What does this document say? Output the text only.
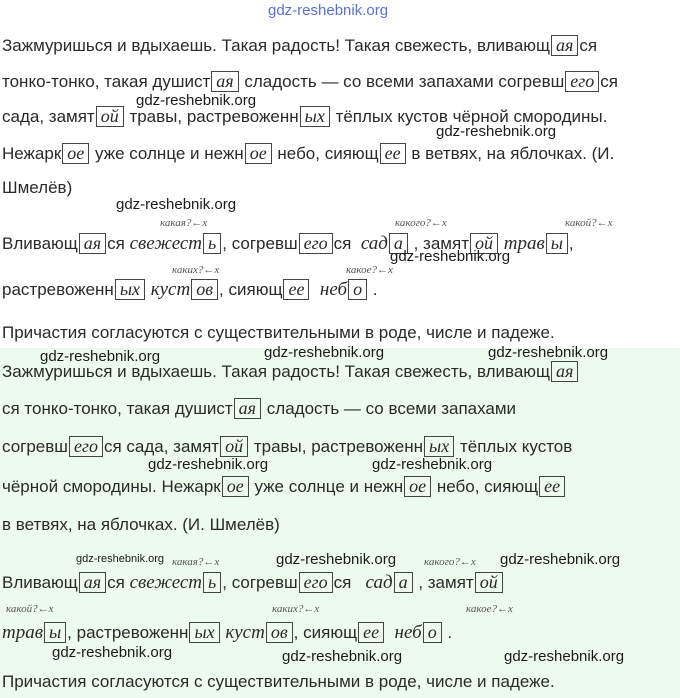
gdz-reshebnik.org
Зажмуришься и вдыхаешь. Такая радость! Такая свежесть, вливающ ая ся
тонко-тонко, такая душист ая сладость — со всеми запахами согревш его ся
gdz-reshebnik.org
сада, замят ой травы, растревоженн ых тёплых кустов чёрной смородины.
gdz-reshebnik.org
Нежарк ое уже солнце и нежн ое небо, сияющ ее в ветвях, на яблочках. (И.
Шмелёв)
gdz-reshebnik.org
какая?←х	какого?←х	какой?←х
Вливающ ая ся свежест ь , согревш его ся сад а , замят ой трав ы ,
gdz-reshebnik.org
каких?←х	какое?←х
растревоженн ых куст ов , сияющ ее неб о .
Причастия согласуются с существительными в роде, числе и падеже.
gdz-reshebnik.org	gdz-reshebnik.org	gdz-reshebnik.org
Зажмуришься и вдыхаешь. Такая радость! Такая свежесть, вливающ ая
ся тонко-тонко, такая душист ая сладость — со всеми запахами
согревш его ся сада, замят ой травы, растревоженн ых тёплых кустов
gdz-reshebnik.org	gdz-reshebnik.org
чёрной смородины. Нежарк ое уже солнце и нежн ое небо, сияющ ее
в ветвях, на яблочках. (И. Шмелёв)
gdz-reshebnik.org какая?←х	gdz-reshebnik.org	какого?←х gdz-reshebnik.org
Вливающ ая ся свежест ь , согревш его ся сад а , замят ой
какой?←х	каких?←х	какое?←х
трав ы , растревоженн ых куст ов , сияющ ее неб о .
gdz-reshebnik.org	gdz-reshebnik.org	gdz-reshebnik.org
Причастия согласуются с существительными в роде, числе и падеже.
